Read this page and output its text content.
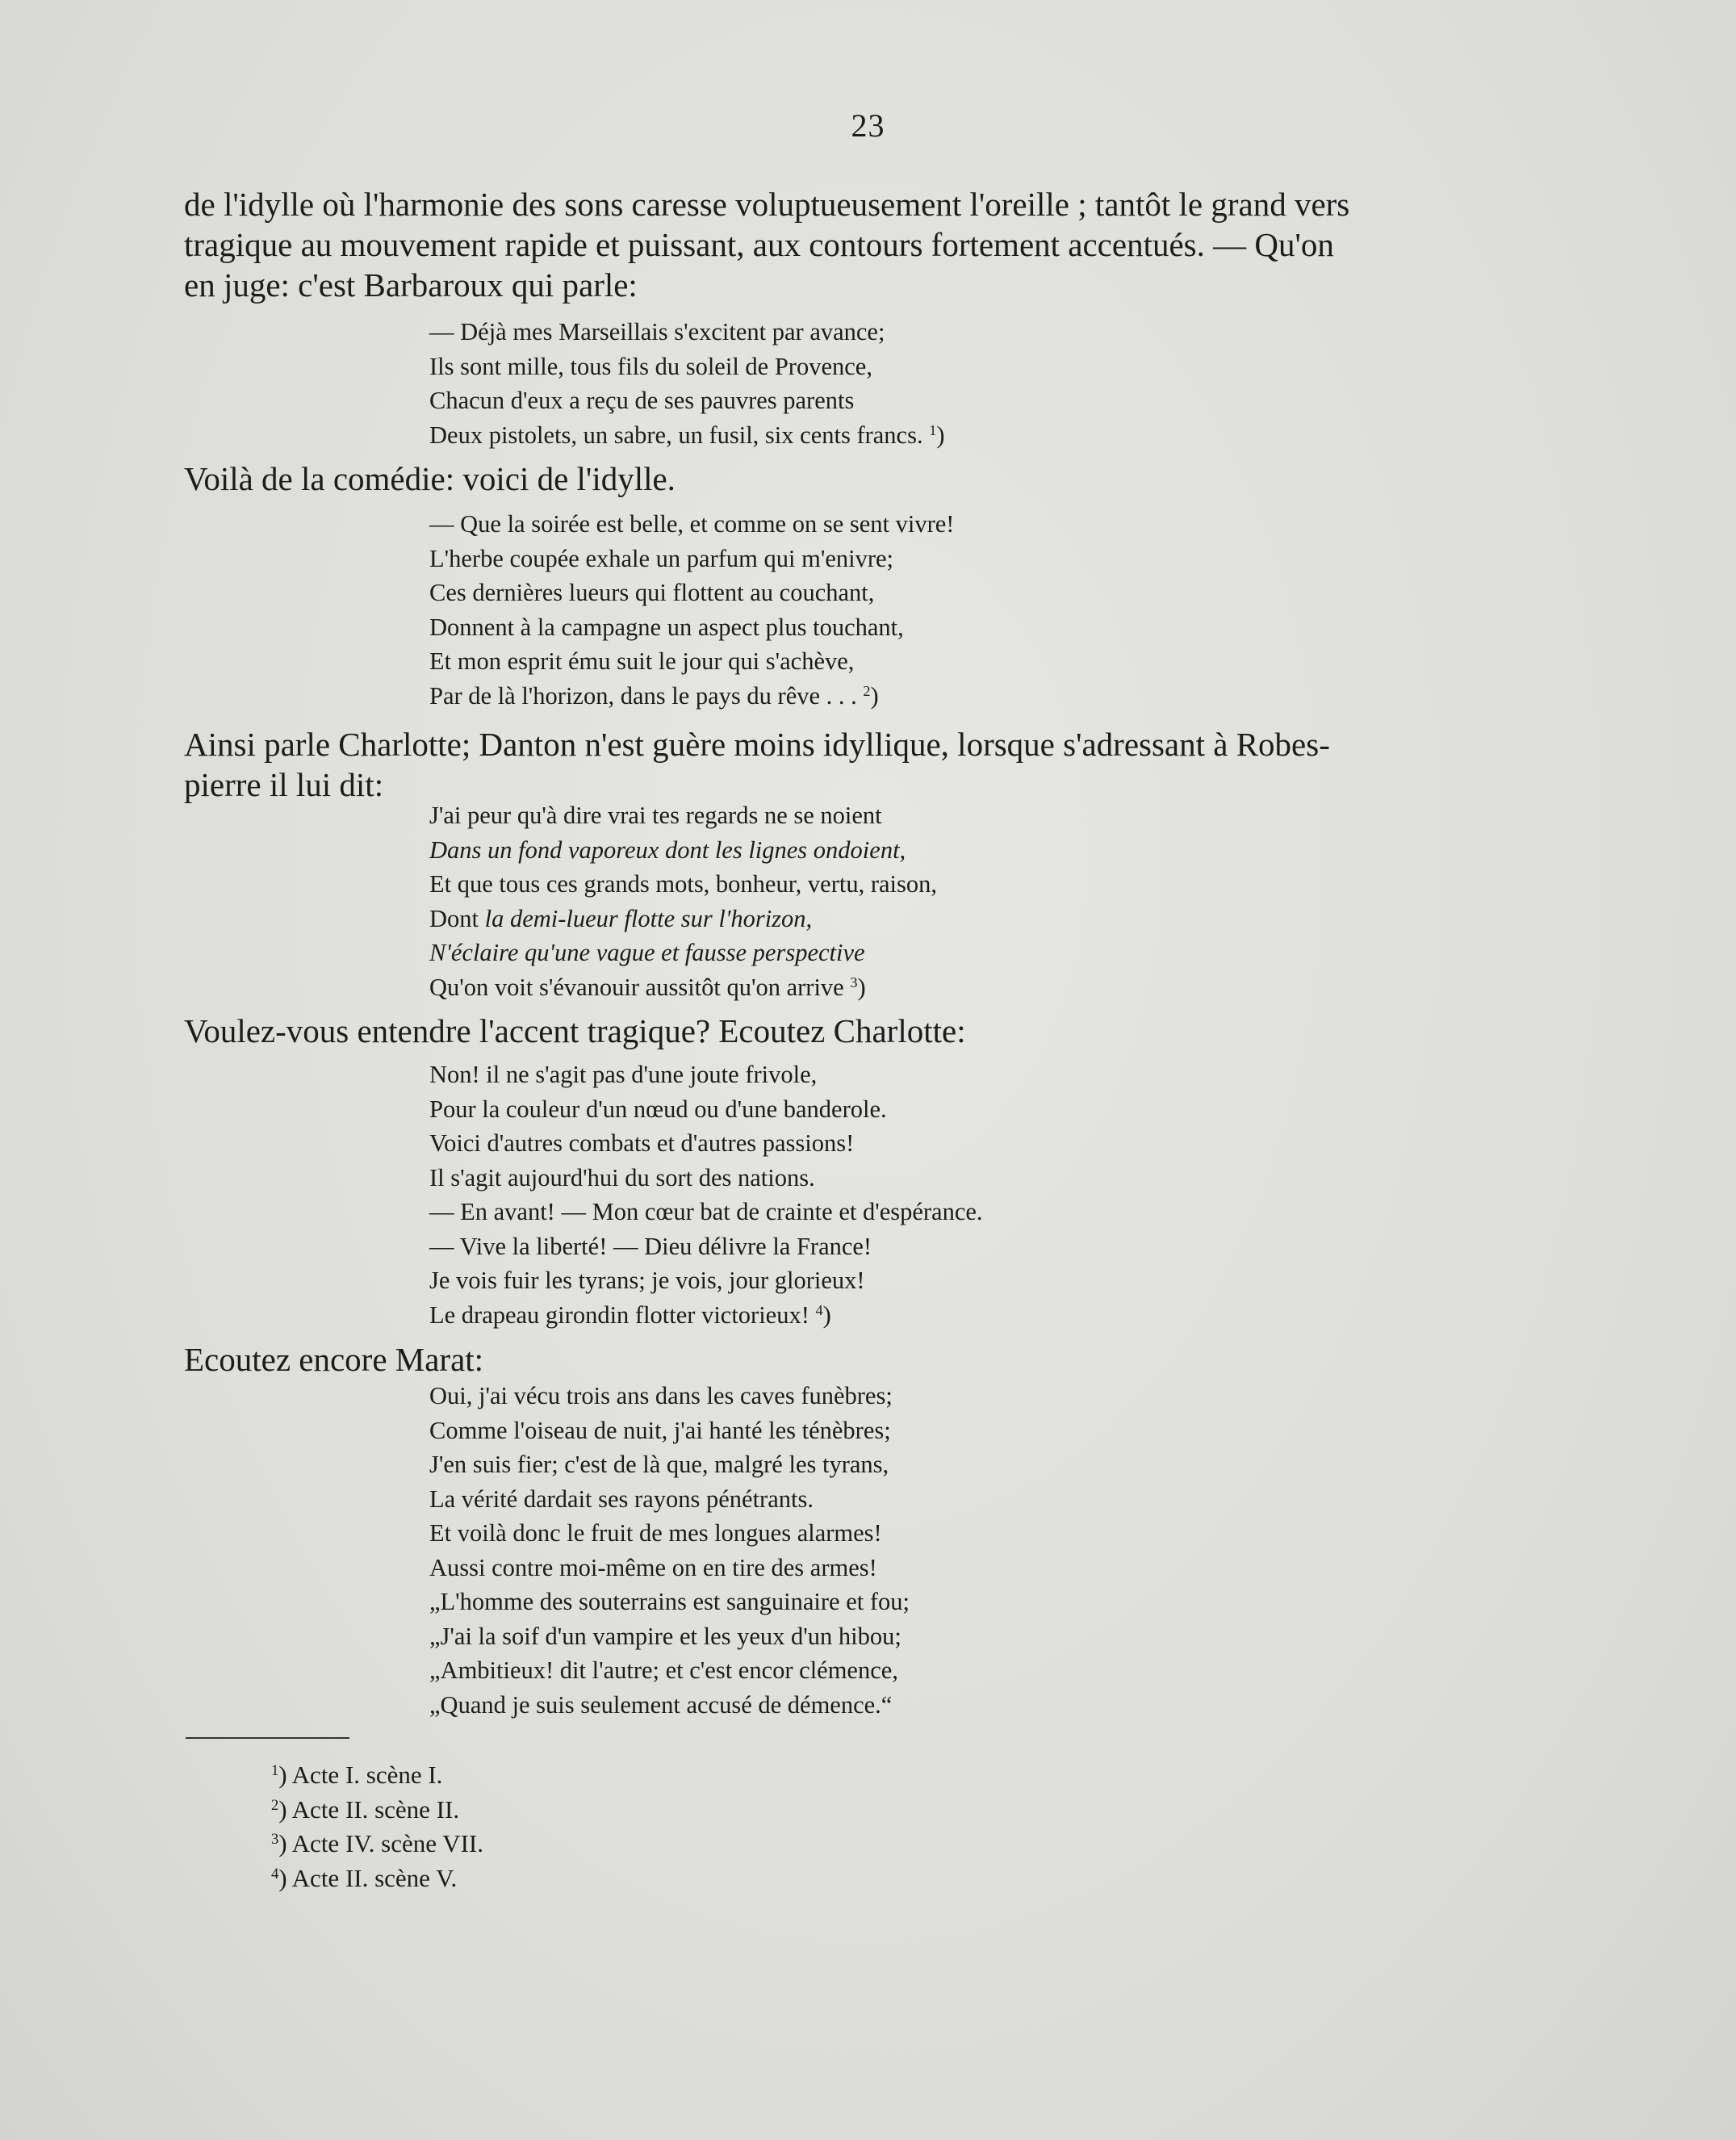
23
de l'idylle où l'harmonie des sons caresse voluptueusement l'oreille ; tantôt le grand vers
tragique au mouvement rapide et puissant, aux contours fortement accentués. — Qu'on
en juge: c'est Barbaroux qui parle:
— Déjà mes Marseillais s'excitent par avance;
Ils sont mille, tous fils du soleil de Provence,
Chacun d'eux a reçu de ses pauvres parents
Deux pistolets, un sabre, un fusil, six cents francs. $^1$)
Voilà de la comédie: voici de l'idylle.
— Que la soirée est belle, et comme on se sent vivre!
L'herbe coupée exhale un parfum qui m'enivre;
Ces dernières lueurs qui flottent au couchant,
Donnent à la campagne un aspect plus touchant,
Et mon esprit ému suit le jour qui s'achève,
Par de là l'horizon, dans le pays du rêve . . . $^2$)
Ainsi parle Charlotte; Danton n'est guère moins idyllique, lorsque s'adressant à Robes-
pierre il lui dit:
J'ai peur qu'à dire vrai tes regards ne se noient
Dans un fond vaporeux dont les lignes ondoient,
Et que tous ces grands mots, bonheur, vertu, raison,
Dont la demi-lueur flotte sur l'horizon,
N'éclaire qu'une vague et fausse perspective
Qu'on voit s'évanouir aussitôt qu'on arrive $^3$)
Voulez-vous entendre l'accent tragique? Ecoutez Charlotte:
Non! il ne s'agit pas d'une joute frivole,
Pour la couleur d'un nœud ou d'une banderole.
Voici d'autres combats et d'autres passions!
Il s'agit aujourd'hui du sort des nations.
— En avant! — Mon cœur bat de crainte et d'espérance.
— Vive la liberté! — Dieu délivre la France!
Je vois fuir les tyrans; je vois, jour glorieux!
Le drapeau girondin flotter victorieux! $^4$)
Ecoutez encore Marat:
Oui, j'ai vécu trois ans dans les caves funèbres;
Comme l'oiseau de nuit, j'ai hanté les ténèbres;
J'en suis fier; c'est de là que, malgré les tyrans,
La vérité dardait ses rayons pénétrants.
Et voilà donc le fruit de mes longues alarmes!
Aussi contre moi-même on en tire des armes!
„L'homme des souterrains est sanguinaire et fou;
„J'ai la soif d'un vampire et les yeux d'un hibou;
„Ambitieux! dit l'autre; et c'est encor clémence,
„Quand je suis seulement accusé de démence.“
$^1$) Acte I. scène I.
$^2$) Acte II. scène II.
$^3$) Acte IV. scène VII.
$^4$) Acte II. scène V.
